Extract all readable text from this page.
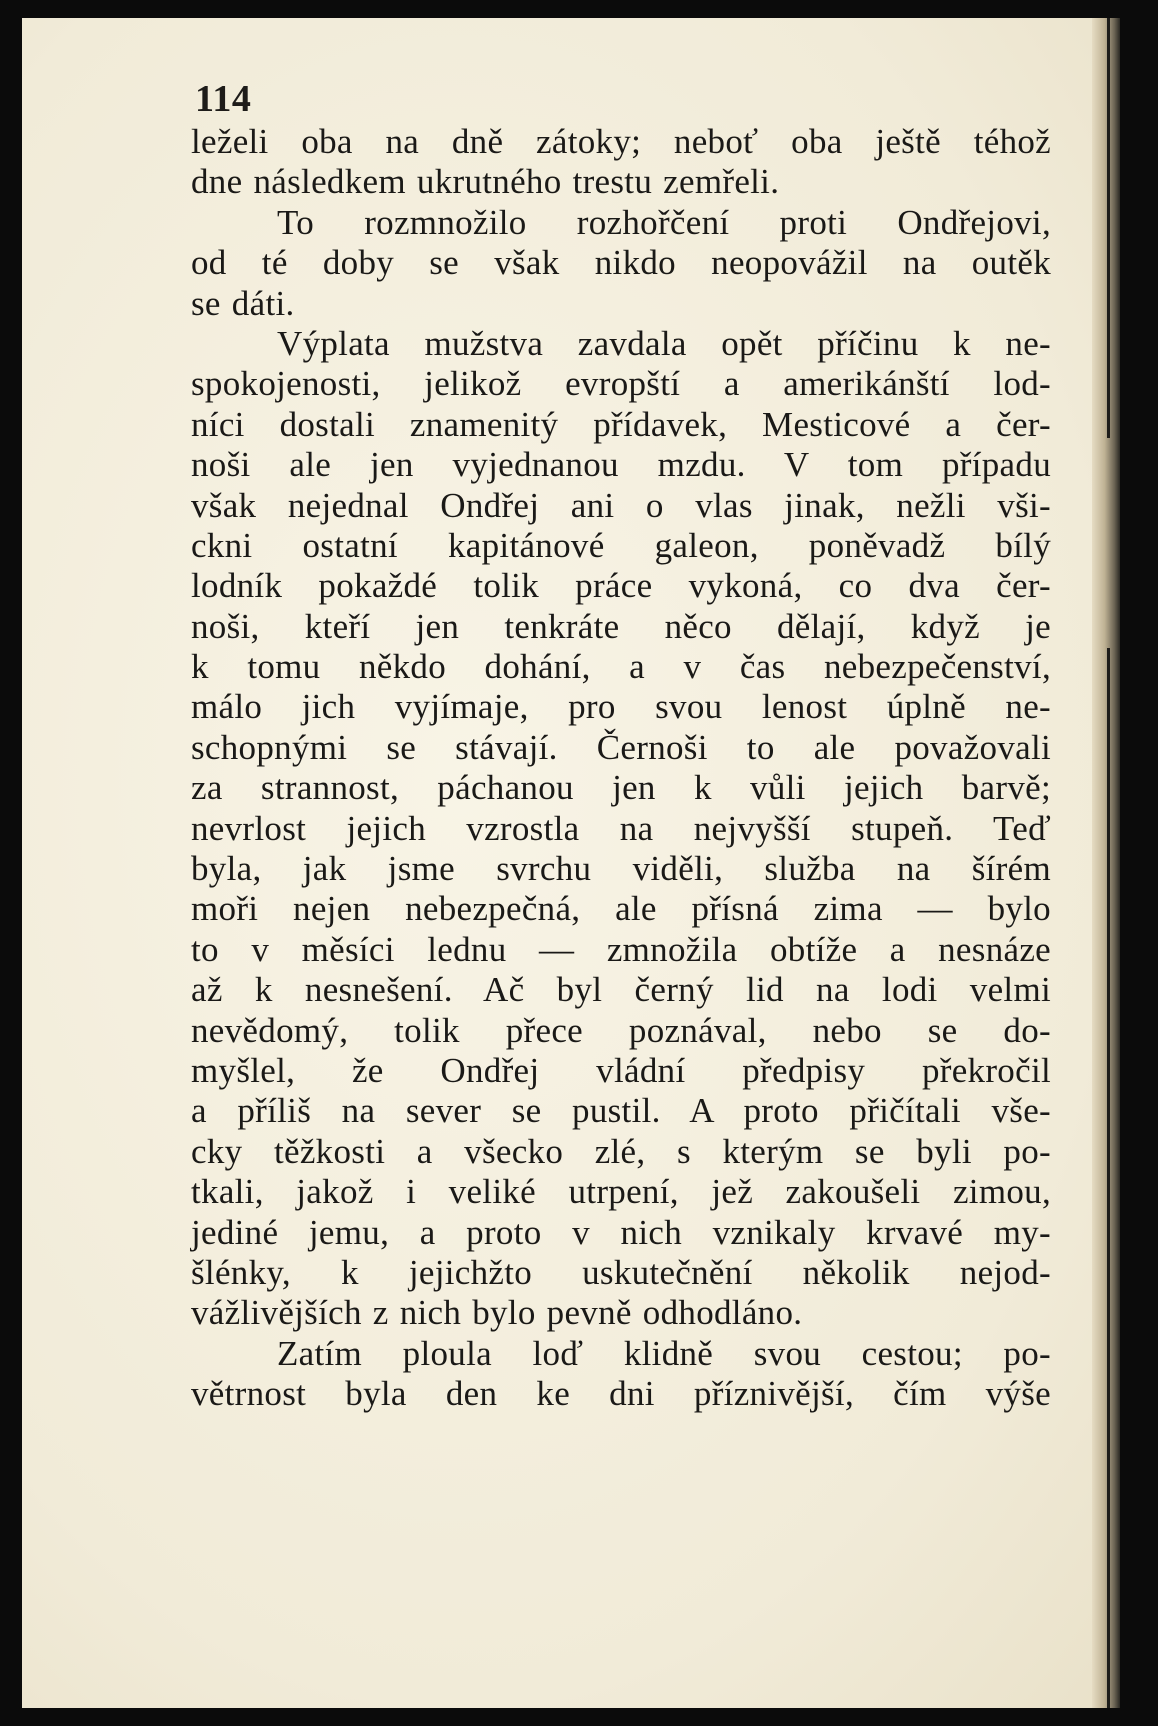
114
leželi oba na dně zátoky; neboť oba ještě téhož
dne následkem ukrutného trestu zemřeli.
To rozmnožilo rozhořčení proti Ondřejovi,
od té doby se však nikdo neopovážil na outěk
se dáti.
Výplata mužstva zavdala opět příčinu k ne-
spokojenosti, jelikož evropští a amerikánští lod-
níci dostali znamenitý přídavek, Mesticové a čer-
noši ale jen vyjednanou mzdu. V tom případu
však nejednal Ondřej ani o vlas jinak, nežli vši-
ckni ostatní kapitánové galeon, poněvadž bílý
lodník pokaždé tolik práce vykoná, co dva čer-
noši, kteří jen tenkráte něco dělají, když je
k tomu někdo dohání, a v čas nebezpečenství,
málo jich vyjímaje, pro svou lenost úplně ne-
schopnými se stávají. Černoši to ale považovali
za strannost, páchanou jen k vůli jejich barvě;
nevrlost jejich vzrostla na nejvyšší stupeň. Teď
byla, jak jsme svrchu viděli, služba na šírém
moři nejen nebezpečná, ale přísná zima — bylo
to v měsíci lednu — zmnožila obtíže a nesnáze
až k nesnešení. Ač byl černý lid na lodi velmi
nevědomý, tolik přece poznával, nebo se do-
myšlel, že Ondřej vládní předpisy překročil
a příliš na sever se pustil. A proto přičítali vše-
cky těžkosti a všecko zlé, s kterým se byli po-
tkali, jakož i veliké utrpení, jež zakoušeli zimou,
jediné jemu, a proto v nich vznikaly krvavé my-
šlénky, k jejichžto uskutečnění několik nejod-
vážlivějších z nich bylo pevně odhodláno.
Zatím ploula loď klidně svou cestou; po-
větrnost byla den ke dni příznivější, čím výše
